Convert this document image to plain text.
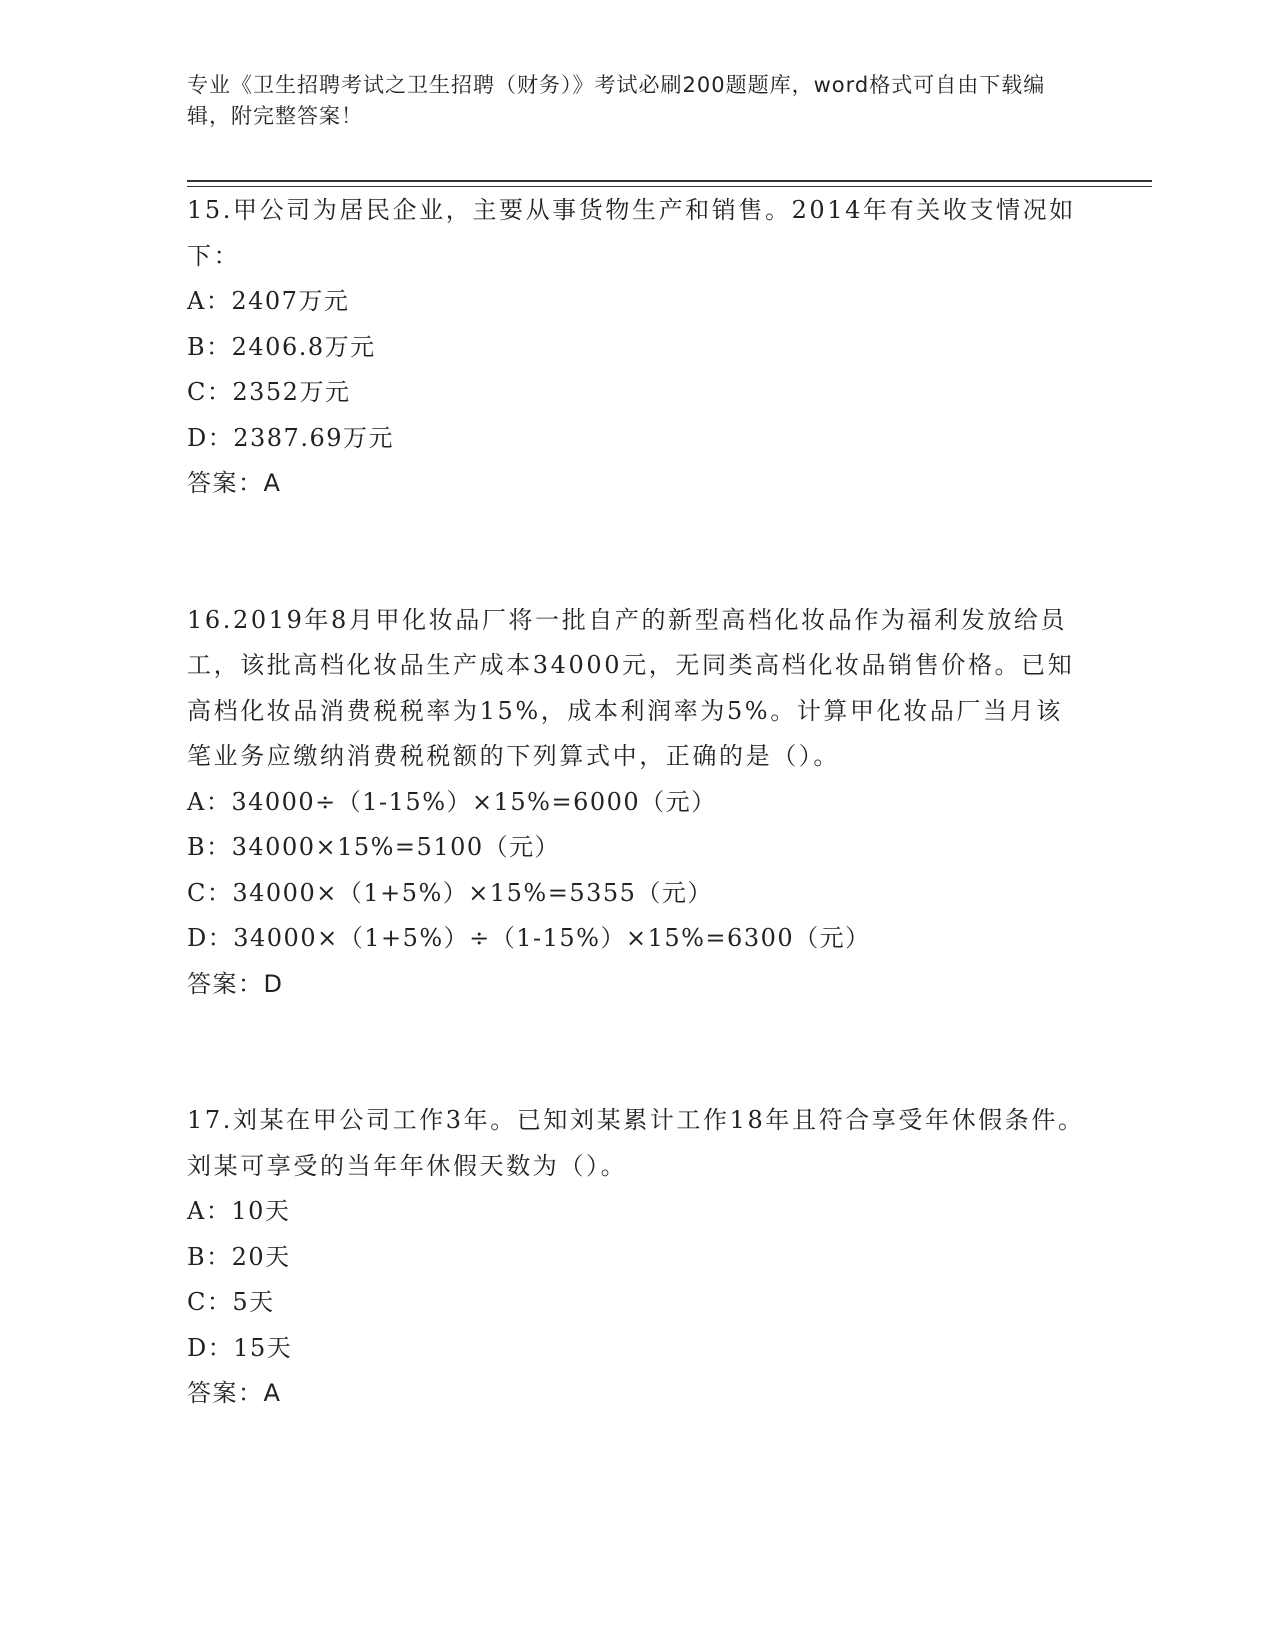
专业《卫生招聘考试之卫生招聘（财务）》考试必刷200题题库，word格式可自由下载编辑，附完整答案！

15.甲公司为居民企业，主要从事货物生产和销售。2014年有关收支情况如下：

A：2407万元

B：2406.8万元

C：2352万元

D：2387.69万元

答案：A

16.2019年8月甲化妆品厂将一批自产的新型高档化妆品作为福利发放给员工，该批高档化妆品生产成本34000元，无同类高档化妆品销售价格。已知高档化妆品消费税税率为15%，成本利润率为5%。计算甲化妆品厂当月该笔业务应缴纳消费税税额的下列算式中，正确的是（）。

A：34000÷（1-15%）×15%=6000（元）

B：34000×15%=5100（元）

C：34000×（1+5%）×15%=5355（元）

D：34000×（1+5%）÷（1-15%）×15%=6300（元）

答案：D

17.刘某在甲公司工作3年。已知刘某累计工作18年且符合享受年休假条件。刘某可享受的当年年休假天数为（）。

A：10天

B：20天

C：5天

D：15天

答案：A
